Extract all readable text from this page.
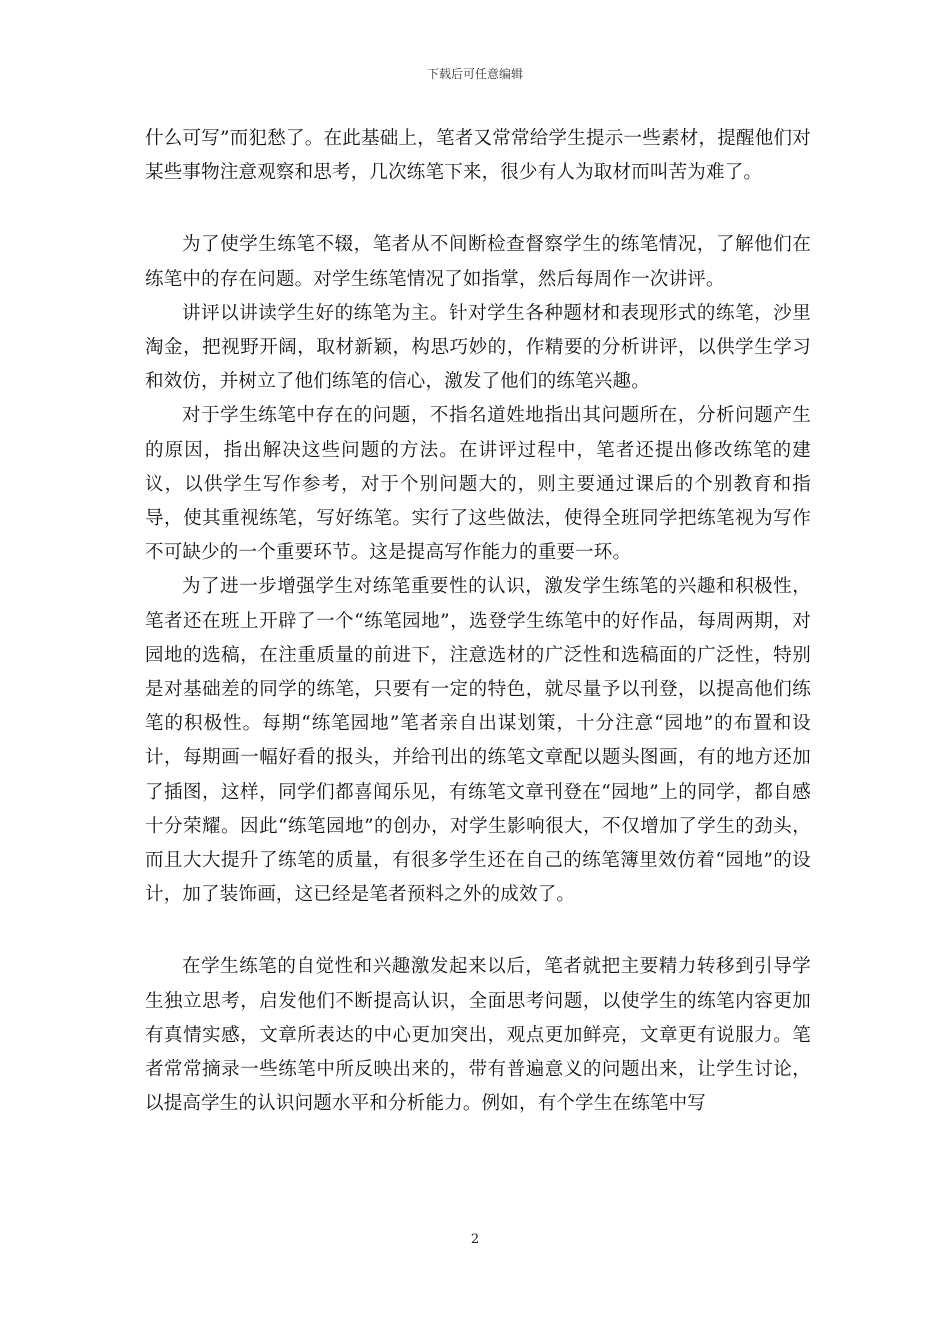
下载后可任意编辑

什么可写”而犯愁了。在此基础上，笔者又常常给学生提示一些素材，提醒他们对某些事物注意观察和思考，几次练笔下来，很少有人为取材而叫苦为难了。

为了使学生练笔不辍，笔者从不间断检查督察学生的练笔情况，了解他们在练笔中的存在问题。对学生练笔情况了如指掌，然后每周作一次讲评。

讲评以讲读学生好的练笔为主。针对学生各种题材和表现形式的练笔，沙里淘金，把视野开阔，取材新颖，构思巧妙的，作精要的分析讲评，以供学生学习和效仿，并树立了他们练笔的信心，激发了他们的练笔兴趣。

对于学生练笔中存在的问题，不指名道姓地指出其问题所在，分析问题产生的原因，指出解决这些问题的方法。在讲评过程中，笔者还提出修改练笔的建议，以供学生写作参考，对于个别问题大的，则主要通过课后的个别教育和指导，使其重视练笔，写好练笔。实行了这些做法，使得全班同学把练笔视为写作不可缺少的一个重要环节。这是提高写作能力的重要一环。

为了进一步增强学生对练笔重要性的认识，激发学生练笔的兴趣和积极性，笔者还在班上开辟了一个“练笔园地”，选登学生练笔中的好作品，每周两期，对园地的选稿，在注重质量的前进下，注意选材的广泛性和选稿面的广泛性，特别是对基础差的同学的练笔，只要有一定的特色，就尽量予以刊登，以提高他们练笔的积极性。每期“练笔园地”笔者亲自出谋划策，十分注意“园地”的布置和设计，每期画一幅好看的报头，并给刊出的练笔文章配以题头图画，有的地方还加了插图，这样，同学们都喜闻乐见，有练笔文章刊登在“园地”上的同学，都自感十分荣耀。因此“练笔园地”的创办，对学生影响很大，不仅增加了学生的劲头，而且大大提升了练笔的质量，有很多学生还在自己的练笔簿里效仿着“园地”的设计，加了装饰画，这已经是笔者预料之外的成效了。

在学生练笔的自觉性和兴趣激发起来以后，笔者就把主要精力转移到引导学生独立思考，启发他们不断提高认识，全面思考问题，以使学生的练笔内容更加有真情实感，文章所表达的中心更加突出，观点更加鲜亮，文章更有说服力。笔者常常摘录一些练笔中所反映出来的，带有普遍意义的问题出来，让学生讨论，以提高学生的认识问题水平和分析能力。例如，有个学生在练笔中写

2
